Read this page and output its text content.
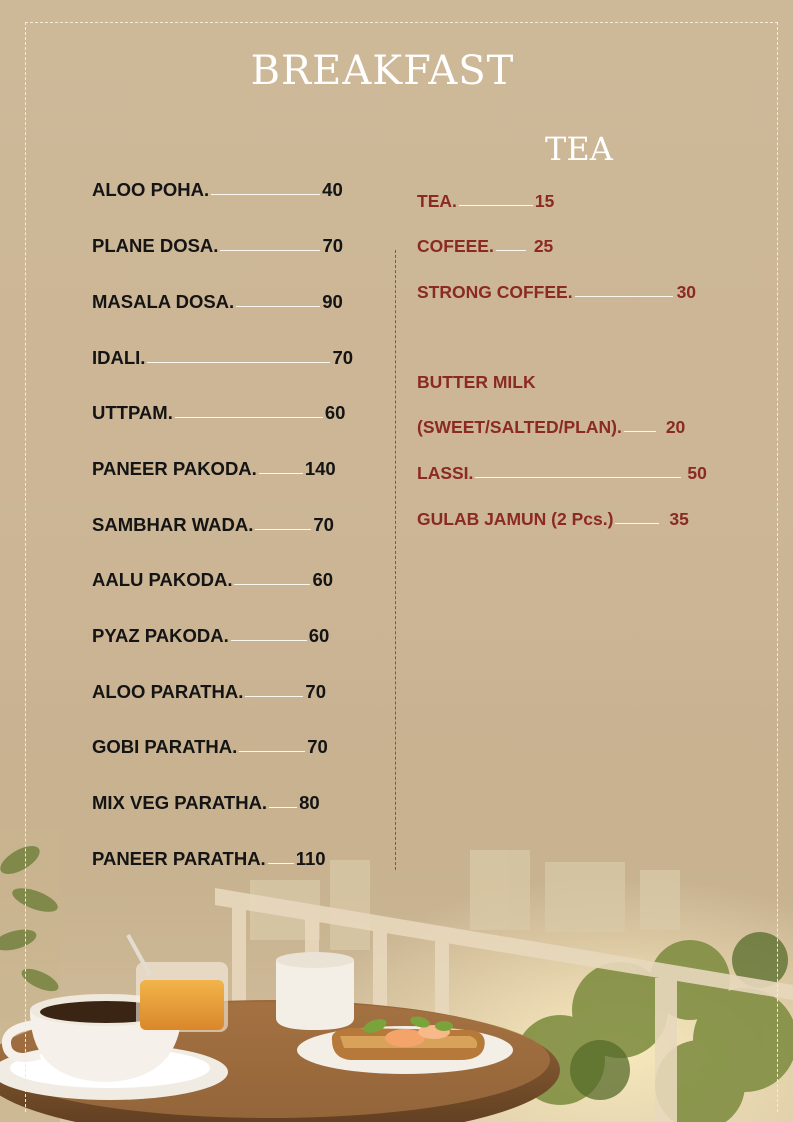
BREAKFAST
TEA
ALOO POHA.	40
PLANE DOSA.	70
MASALA DOSA.	90
IDALI.	70
UTTPAM.	60
PANEER PAKODA.	140
SAMBHAR WADA.	70
AALU PAKODA.	60
PYAZ PAKODA.	60
ALOO PARATHA.	70
GOBI PARATHA.	70
MIX VEG PARATHA. 80
PANEER PARATHA. 110
TEA.	15
COFEEE. 25
STRONG COFFEE.	30
BUTTER MILK
(SWEET/SALTED/PLAN).	20
LASSI.	50
GULAB JAMUN (2 Pcs.)	35
